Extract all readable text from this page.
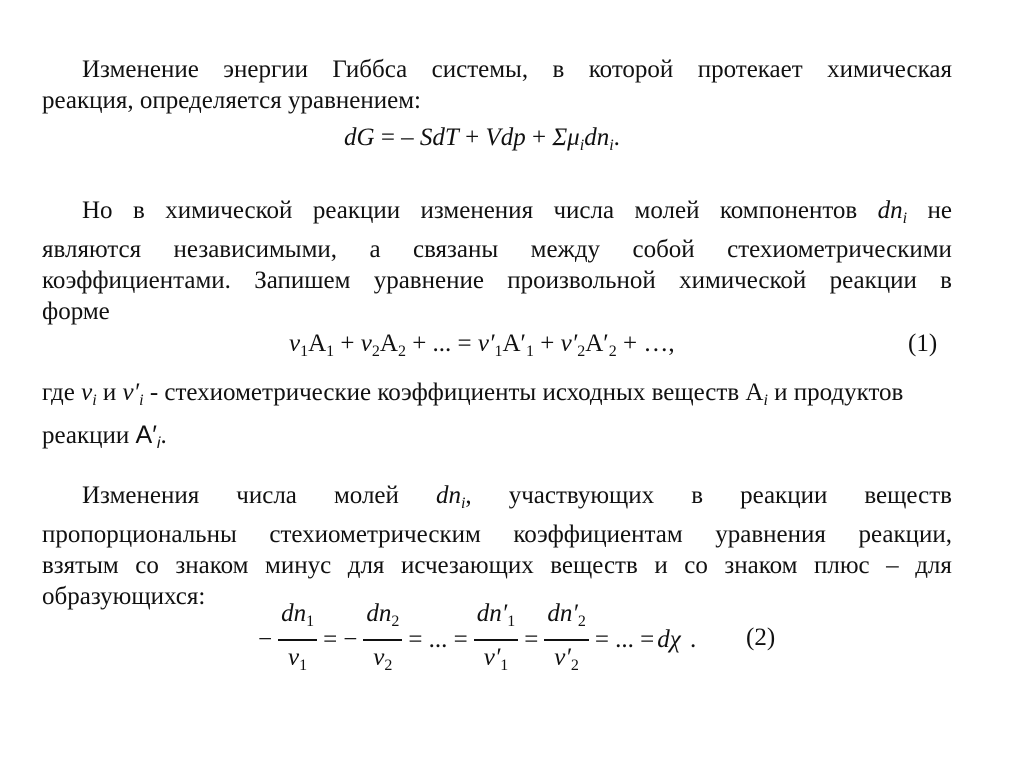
Изменение энергии Гиббса системы, в которой протекает химическая
реакция, определяется уравнением:
dG = – SdT + Vdp + $\Sigma\mu_idn_i$.
Но в химической реакции изменения числа молей компонентов $dn_i$ не
являются независимыми, а связаны между собой стехиометрическими
коэффициентами. Запишем уравнение произвольной химической реакции в
форме
$\nu_1A_1 + \nu_2A_2$ + ... = $\nu'_1A'_1 + \nu'_2A'_2$ + …,	(1)
где $\nu_i$ и $\nu'_i$ - стехиометрические коэффициенты исходных веществ $A_i$ и продуктов
реакции $A'_i$.
Изменения числа молей $dn_i$, участвующих в реакции веществ
пропорциональны стехиометрическим коэффициентам уравнения реакции,
взятым со знаком минус для исчезающих веществ и со знаком плюс – для
образующихся:
− $\frac{dn_1}{\nu_1}$ = − $\frac{dn_2}{\nu_2}$ = ... = $\frac{dn'_1}{\nu'_1} = \frac{dn'_2}{\nu'_2}$ = ... = dχ . (2)
